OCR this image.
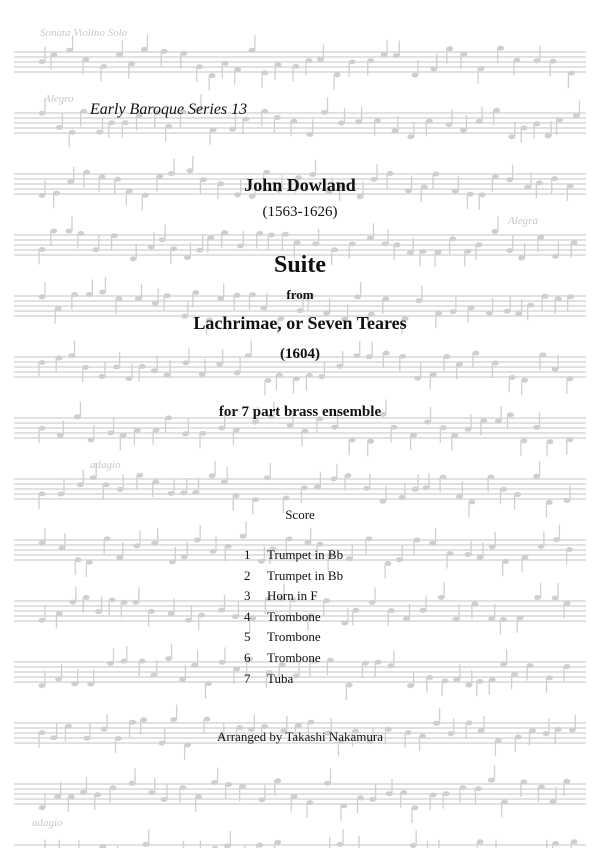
Sonata Violino Solo
Alegro
Alegra
adagio
adagio
Early Baroque Series 13
John Dowland
(1563-1626)
Suite
from
Lachrimae, or Seven Teares
(1604)
for 7 part brass ensemble
Score
1 Trumpet in Bb
2 Trumpet in Bb
3 Horn in F
4 Trombone
5 Trombone
6 Trombone
7 Tuba
Arranged by Takashi Nakamura
